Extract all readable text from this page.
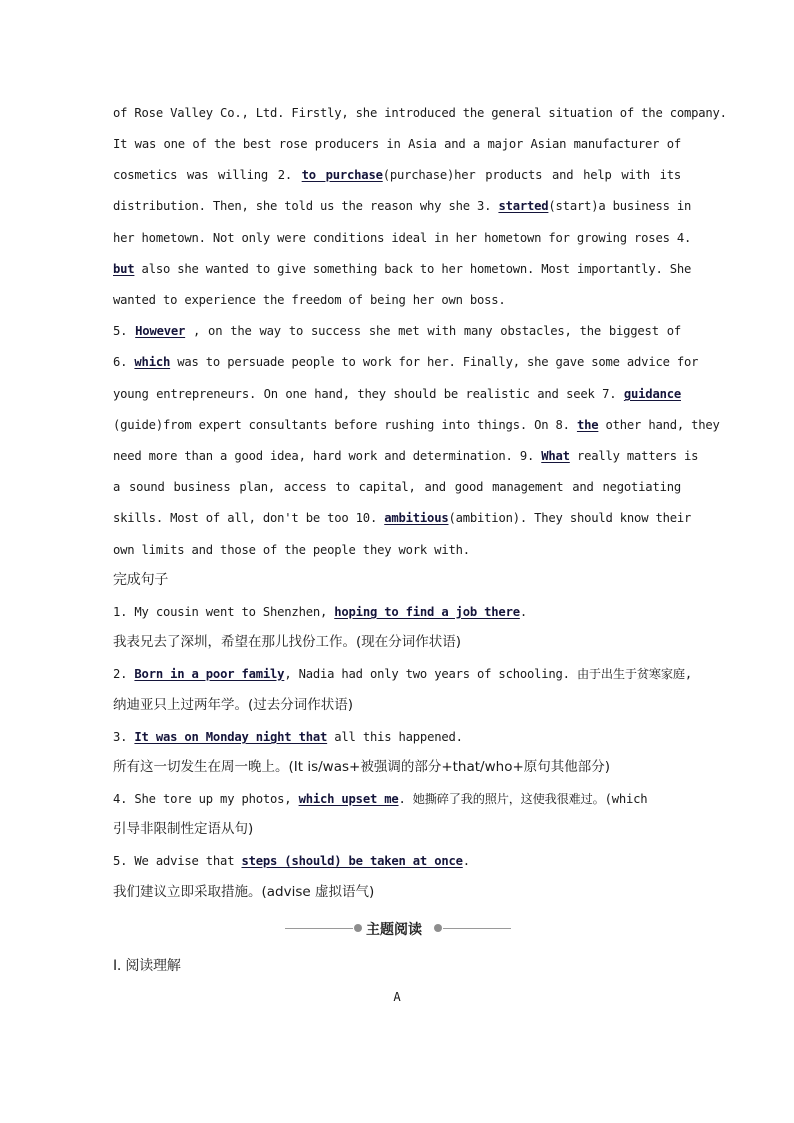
of Rose Valley Co., Ltd. Firstly, she introduced the general situation of the company.
It was one of the best rose producers in Asia and a major Asian manufacturer of
cosmetics was willing 2. to purchase(purchase)her products and help with its
distribution. Then, she told us the reason why she 3. started(start)a business in
her hometown. Not only were conditions ideal in her hometown for growing roses 4.
but also she wanted to give something back to her hometown. Most importantly. She
wanted to experience the freedom of being her own boss.
5. However , on the way to success she met with many obstacles, the biggest of
6. which was to persuade people to work for her. Finally, she gave some advice for
young entrepreneurs. On one hand, they should be realistic and seek 7. guidance
(guide)from expert consultants before rushing into things. On 8. the other hand, they
need more than a good idea, hard work and determination. 9. What really matters is
a sound business plan, access to capital, and good management and negotiating
skills. Most of all, don't be too 10. ambitious(ambition). They should know their
own limits and those of the people they work with.
完成句子
1. My cousin went to Shenzhen, hoping to find a job there.
我表兄去了深圳，希望在那儿找份工作。(现在分词作状语)
2. Born in a poor family, Nadia had only two years of schooling. 由于出生于贫寒家庭,
纳迪亚只上过两年学。(过去分词作状语)
3. It was on Monday night that all this happened.
所有这一切发生在周一晚上。(It is/was+被强调的部分+that/who+原句其他部分)
4. She tore up my photos, which upset me. 她撕碎了我的照片，这使我很难过。(which
引导非限制性定语从句)
5. We advise that steps (should) be taken at once.
我们建议立即采取措施。(advise 虚拟语气)
Ⅰ. 阅读理解
A
主题阅读
